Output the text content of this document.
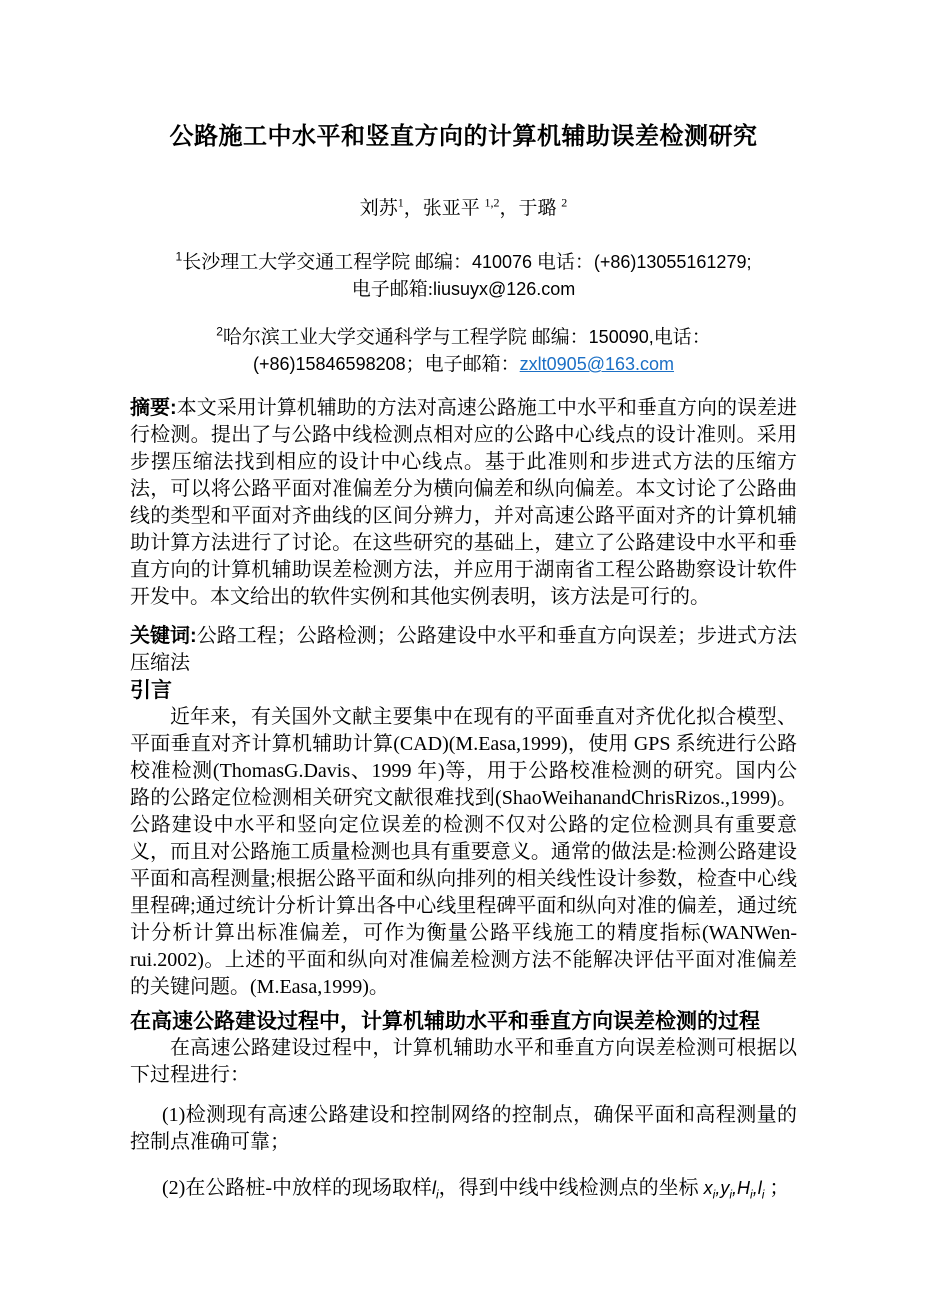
公路施工中水平和竖直方向的计算机辅助误差检测研究
刘苏$^1$，张亚平 $^{1,2}$，于璐 $^2$
$^1$长沙理工大学交通工程学院 邮编：410076 电话：(+86)13055161279;
电子邮箱:liusuyx@126.com
$^2$哈尔滨工业大学交通科学与工程学院 邮编：150090,电话：
(+86)15846598208；电子邮箱：zxlt0905@163.com
摘要:本文采用计算机辅助的方法对高速公路施工中水平和垂直方向的误差进行检测。提出了与公路中线检测点相对应的公路中心线点的设计准则。采用步摆压缩法找到相应的设计中心线点。基于此准则和步进式方法的压缩方法，可以将公路平面对准偏差分为横向偏差和纵向偏差。本文讨论了公路曲线的类型和平面对齐曲线的区间分辨力，并对高速公路平面对齐的计算机辅助计算方法进行了讨论。在这些研究的基础上，建立了公路建设中水平和垂直方向的计算机辅助误差检测方法，并应用于湖南省工程公路勘察设计软件开发中。本文给出的软件实例和其他实例表明，该方法是可行的。
关键词:公路工程；公路检测；公路建设中水平和垂直方向误差；步进式方法压缩法
引言
近年来，有关国外文献主要集中在现有的平面垂直对齐优化拟合模型、平面垂直对齐计算机辅助计算(CAD)(M.Easa,1999)，使用 GPS 系统进行公路校准检测(ThomasG.Davis、1999 年)等，用于公路校准检测的研究。国内公路的公路定位检测相关研究文献很难找到(ShaoWeihanandChrisRizos.,1999)。公路建设中水平和竖向定位误差的检测不仅对公路的定位检测具有重要意义，而且对公路施工质量检测也具有重要意义。通常的做法是:检测公路建设平面和高程测量;根据公路平面和纵向排列的相关线性设计参数，检查中心线里程碑;通过统计分析计算出各中心线里程碑平面和纵向对准的偏差，通过统计分析计算出标准偏差，可作为衡量公路平线施工的精度指标(WANWen-rui.2002)。上述的平面和纵向对准偏差检测方法不能解决评估平面对准偏差的关键问题。(M.Easa,1999)。
在高速公路建设过程中，计算机辅助水平和垂直方向误差检测的过程
在高速公路建设过程中，计算机辅助水平和垂直方向误差检测可根据以下过程进行：
(1)检测现有高速公路建设和控制网络的控制点，确保平面和高程测量的控制点准确可靠；
(2)在公路桩-中放样的现场取样$l_i$，得到中线中线检测点的坐标 $x_i,y_i,H_i,l_i$ ；
